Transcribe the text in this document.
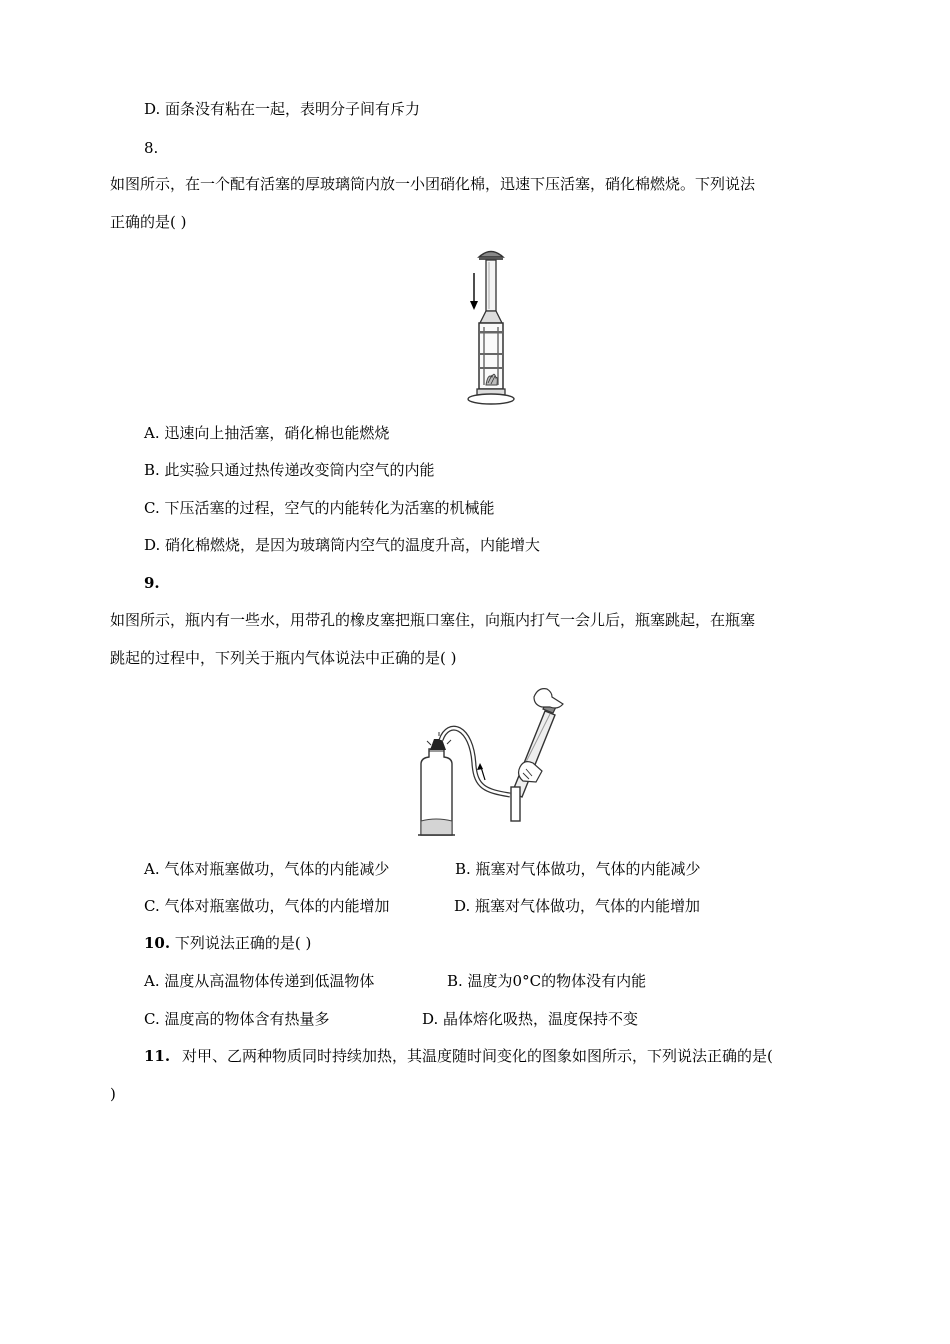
D. 面条没有粘在一起，表明分子间有斥力
8.
如图所示，在一个配有活塞的厚玻璃筒内放一小团硝化棉，迅速下压活塞，硝化棉燃烧。下列说法
正确的是( )
A. 迅速向上抽活塞，硝化棉也能燃烧
B. 此实验只通过热传递改变筒内空气的内能
C. 下压活塞的过程，空气的内能转化为活塞的机械能
D. 硝化棉燃烧，是因为玻璃筒内空气的温度升高，内能增大
9.
如图所示，瓶内有一些水，用带孔的橡皮塞把瓶口塞住，向瓶内打气一会儿后，瓶塞跳起，在瓶塞
跳起的过程中，下列关于瓶内气体说法中正确的是( )
A. 气体对瓶塞做功，气体的内能减少	B. 瓶塞对气体做功，气体的内能减少
C. 气体对瓶塞做功，气体的内能增加	D. 瓶塞对气体做功，气体的内能增加
10. 下列说法正确的是( )
A. 温度从高温物体传递到低温物体	B. 温度为0°C的物体没有内能
C. 温度高的物体含有热量多	D. 晶体熔化吸热，温度保持不变
11. 对甲、乙两种物质同时持续加热，其温度随时间变化的图象如图所示，下列说法正确的是(
)
